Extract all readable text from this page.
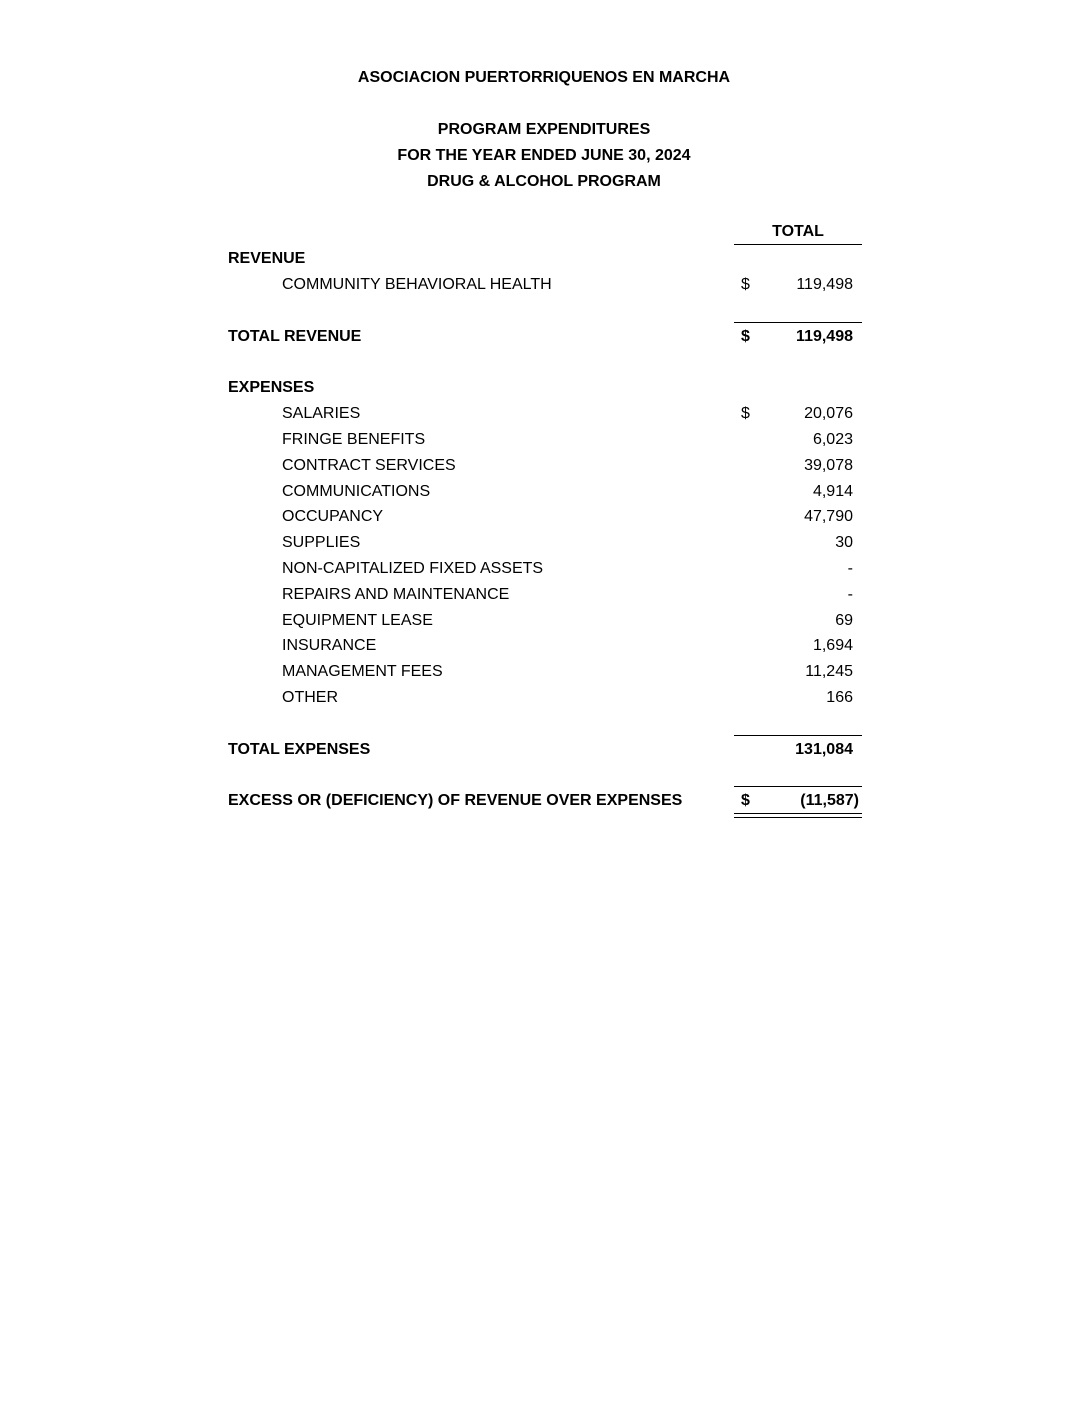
ASOCIACION PUERTORRIQUENOS EN MARCHA
PROGRAM EXPENDITURES
FOR THE YEAR ENDED JUNE 30, 2024
DRUG & ALCOHOL PROGRAM
TOTAL
REVENUE
COMMUNITY BEHAVIORAL HEALTH	$	119,498
TOTAL REVENUE	$	119,498
EXPENSES
SALARIES	$	20,076
FRINGE BENEFITS	6,023
CONTRACT SERVICES	39,078
COMMUNICATIONS	4,914
OCCUPANCY	47,790
SUPPLIES	30
NON-CAPITALIZED FIXED ASSETS	-
REPAIRS AND MAINTENANCE	-
EQUIPMENT LEASE	69
INSURANCE	1,694
MANAGEMENT FEES	11,245
OTHER	166
TOTAL EXPENSES	131,084
EXCESS OR (DEFICIENCY) OF REVENUE OVER EXPENSES	$	(11,587)
